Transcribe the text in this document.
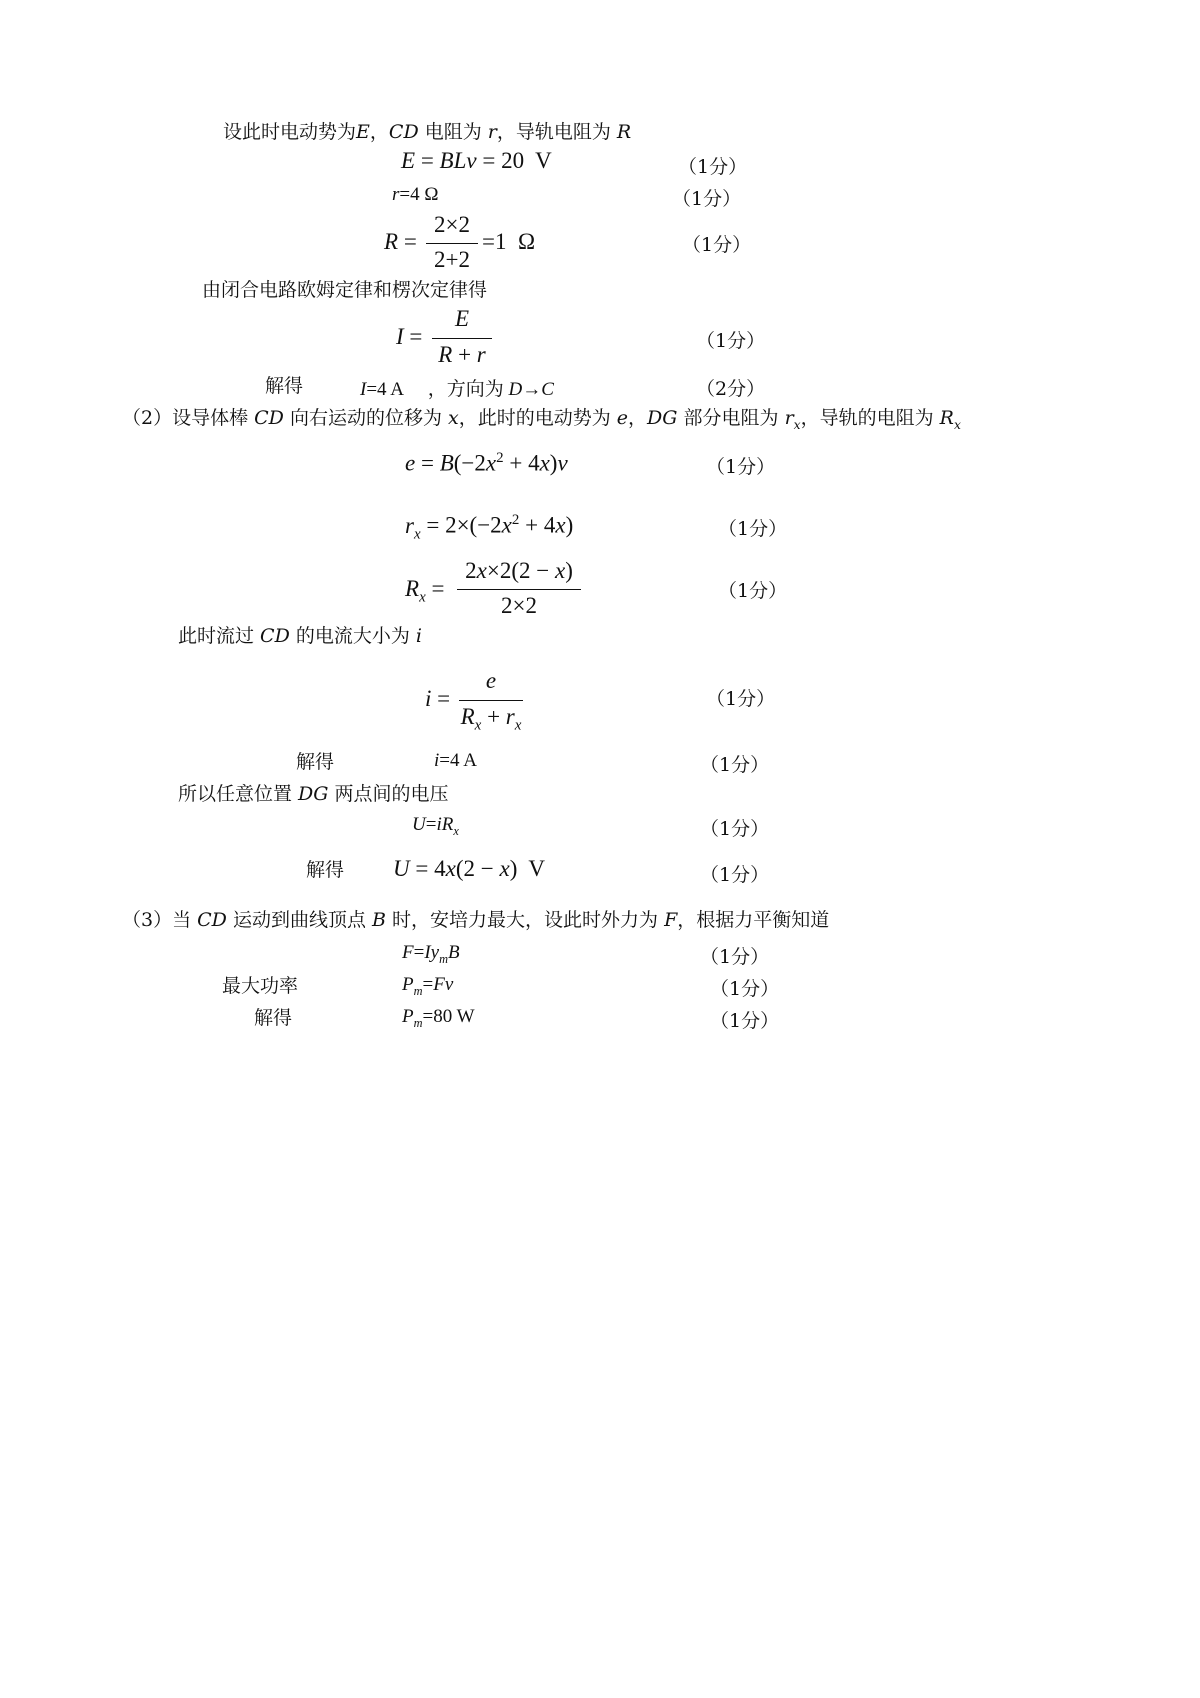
设此时电动势为E，CD 电阻为 r，导轨电阻为 R
E = BLv = 20  V	（1分）
r=4 Ω	（1分）
R =
2×2
2+2
=1  Ω	（1分）
由闭合电路欧姆定律和楞次定律得
I =
E
R + r
（1分）
解得	I=4 A     ，方向为 D→C	（2分）
（2）设导体棒 CD 向右运动的位移为 x，此时的电动势为 e，DG 部分电阻为 $r_x$，导轨的电阻为 $R_x$
$e = B(-2x^2 + 4x)v$	（1分）
$r_x = 2\times(-2x^2 + 4x)$	（1分）
$R_x$ =
2x×2(2 − x)
2×2
（1分）
此时流过 CD 的电流大小为 i
i =
e
$R_x + r_x$
（1分）
解得	i=4 A	（1分）
所以任意位置 DG 两点间的电压
$U=iR_x$	（1分）
解得 U = 4x(2 − x)  V	（1分）
（3）当 CD 运动到曲线顶点 B 时，安培力最大，设此时外力为 F，根据力平衡知道
$F=Iy_mB$	（1分）
最大功率	$P_m=Fv$	（1分）
解得	$P_m=80$ W	（1分）
